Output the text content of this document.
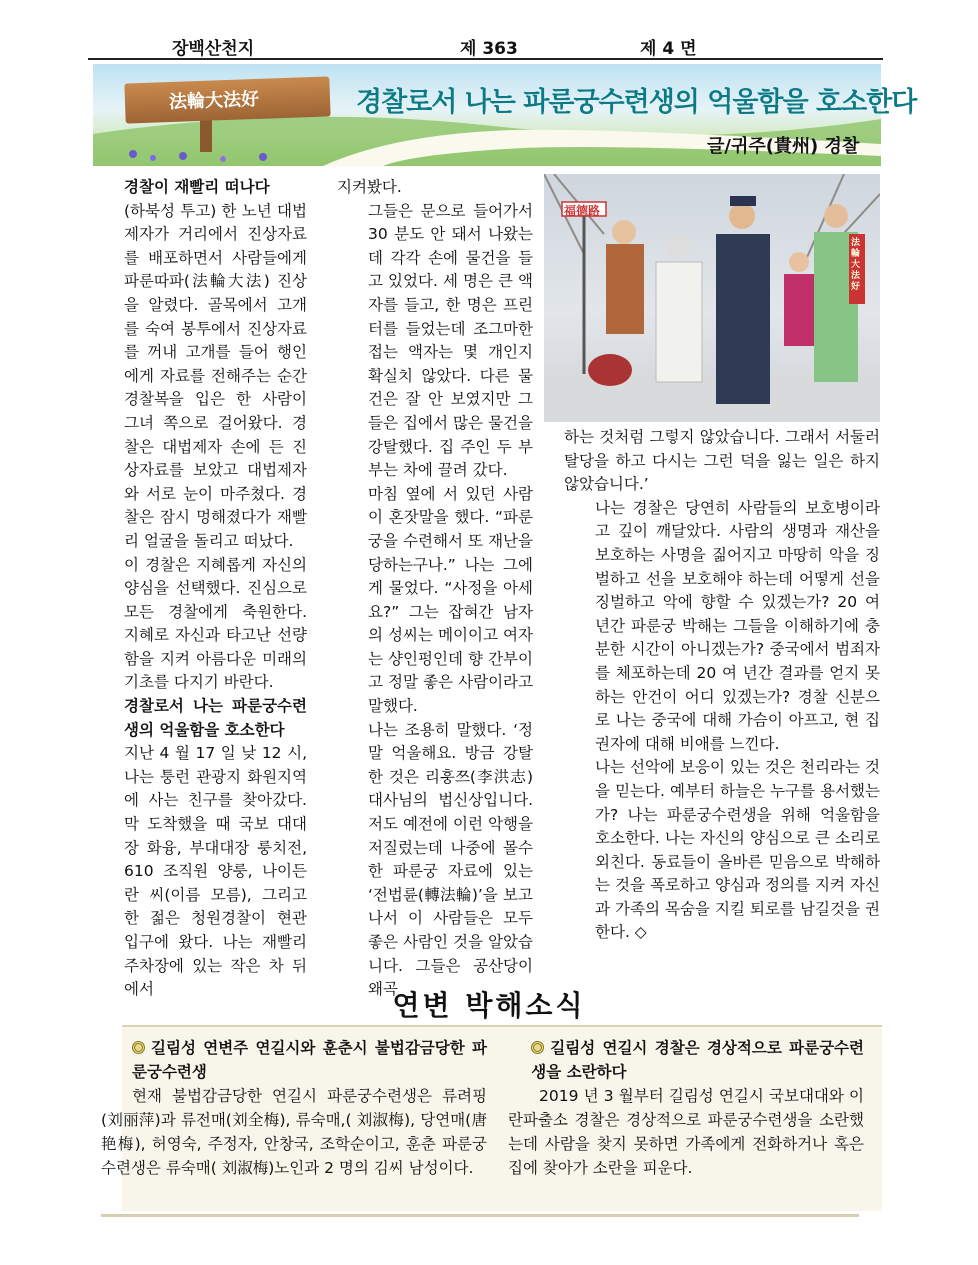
장백산천지	제 363	제 4 면
法輪大法好	경찰로서 나는 파룬궁수련생의 억울함을 호소한다
글/귀주(貴州) 경찰
경찰이 재빨리 떠나다
(하북성 투고) 한 노년 대법제자가 거리에서 진상자료를 배포하면서 사람들에게 파룬따파(法輪大法) 진상을 알렸다. 골목에서 고개를 숙여 봉투에서 진상자료를 꺼내 고개를 들어 행인에게 자료를 전해주는 순간 경찰복을 입은 한 사람이 그녀 쪽으로 걸어왔다. 경찰은 대법제자 손에 든 진상자료를 보았고 대법제자와 서로 눈이 마주쳤다. 경찰은 잠시 멍해졌다가 재빨리 얼굴을 돌리고 떠났다.
이 경찰은 지혜롭게 자신의 양심을 선택했다. 진심으로 모든 경찰에게 축원한다. 지혜로 자신과 타고난 선량함을 지켜 아름다운 미래의 기초를 다지기 바란다.
경찰로서 나는 파룬궁수련생의 억울함을 호소한다
지난 4 월 17 일 낮 12 시, 나는 퉁런 관광지 화원지역에 사는 친구를 찾아갔다. 막 도착했을 때 국보 대대장 화융, 부대대장 룽치전, 610 조직원 양룽, 나이든 란 씨(이름 모름), 그리고 한 젊은 청원경찰이 현관 입구에 왔다. 나는 재빨리 주차장에 있는 작은 차 뒤에서
지켜봤다.
그들은 문으로 들어가서 30 분도 안 돼서 나왔는데 각각 손에 물건을 들고 있었다. 세 명은 큰 액자를 들고, 한 명은 프린터를 들었는데 조그마한 접는 액자는 몇 개인지 확실치 않았다. 다른 물건은 잘 안 보였지만 그들은 집에서 많은 물건을 강탈했다. 집 주인 두 부부는 차에 끌려 갔다.
마침 옆에 서 있던 사람이 혼잣말을 했다. “파룬궁을 수련해서 또 재난을 당하는구나.” 나는 그에게 물었다. “사정을 아세요?” 그는 잡혀간 남자의 성씨는 메이이고 여자는 샹인펑인데 향 간부이고 정말 좋은 사람이라고 말했다.
나는 조용히 말했다. ‘정말 억울해요. 방금 강탈한 것은 리훙쯔(李洪志) 대사님의 법신상입니다. 저도 예전에 이런 악행을 저질렀는데 나중에 몰수한 파룬궁 자료에 있는 ‘전법륜(轉法輪)’을 보고 나서 이 사람들은 모두 좋은 사람인 것을 알았습니다. 그들은 공산당이 왜곡
福德路
法輪大法好
하는 것처럼 그렇지 않았습니다. 그래서 서둘러 탈당을 하고 다시는 그런 덕을 잃는 일은 하지 않았습니다.’
나는 경찰은 당연히 사람들의 보호병이라고 깊이 깨달았다. 사람의 생명과 재산을 보호하는 사명을 짊어지고 마땅히 악을 징벌하고 선을 보호해야 하는데 어떻게 선을 징벌하고 악에 향할 수 있겠는가? 20 여 년간 파룬궁 박해는 그들을 이해하기에 충분한 시간이 아니겠는가? 중국에서 범죄자를 체포하는데 20 여 년간 결과를 얻지 못하는 안건이 어디 있겠는가? 경찰 신분으로 나는 중국에 대해 가슴이 아프고, 현 집권자에 대해 비애를 느낀다.
나는 선악에 보응이 있는 것은 천리라는 것을 믿는다. 예부터 하늘은 누구를 용서했는가? 나는 파룬궁수련생을 위해 억울함을 호소한다. 나는 자신의 양심으로 큰 소리로 외친다. 동료들이 올바른 믿음으로 박해하는 것을 폭로하고 양심과 정의를 지켜 자신과 가족의 목숨을 지킬 퇴로를 남길것을 권한다. ◇
연변 박해소식
길림성 연변주 연길시와 훈춘시 불법감금당한 파룬궁수련생
현재 불법감금당한 연길시 파룬궁수련생은 류려핑(刘丽萍)과 류전매(刘全梅), 류숙매,( 刘淑梅), 당연매(唐艳梅), 허영숙, 주정자, 안창국, 조학순이고, 훈춘 파룬궁수련생은 류숙매( 刘淑梅)노인과 2 명의 김씨 남성이다.
길림성 연길시 경찰은 경상적으로 파룬궁수련생을 소란하다
2019 년 3 월부터 길림성 연길시 국보대대와 이란파출소 경찰은 경상적으로 파룬궁수련생을 소란했는데 사람을 찾지 못하면 가족에게 전화하거나 혹은 집에 찾아가 소란을 피운다.
